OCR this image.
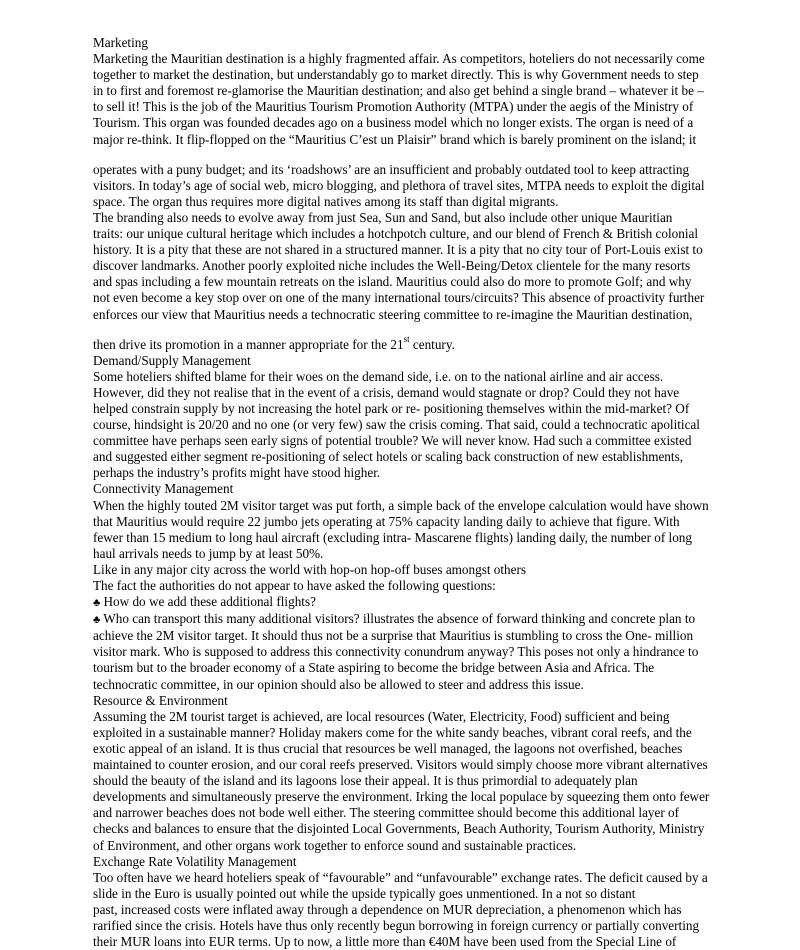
Marketing
Marketing the Mauritian destination is a highly fragmented affair. As competitors, hoteliers do not necessarily come
together to market the destination, but understandably go to market directly. This is why Government needs to step
in to first and foremost re-glamorise the Mauritian destination; and also get behind a single brand – whatever it be –
to sell it! This is the job of the Mauritius Tourism Promotion Authority (MTPA) under the aegis of the Ministry of
Tourism. This organ was founded decades ago on a business model which no longer exists. The organ is need of a
major re-think. It flip-flopped on the “Mauritius C’est un Plaisir” brand which is barely prominent on the island; it
operates with a puny budget; and its ‘roadshows’ are an insufficient and probably outdated tool to keep attracting
visitors. In today’s age of social web, micro blogging, and plethora of travel sites, MTPA needs to exploit the digital
space. The organ thus requires more digital natives among its staff than digital migrants.
The branding also needs to evolve away from just Sea, Sun and Sand, but also include other unique Mauritian
traits: our unique cultural heritage which includes a hotchpotch culture, and our blend of French & British colonial
history. It is a pity that these are not shared in a structured manner. It is a pity that no city tour of Port-Louis exist to
discover landmarks. Another poorly exploited niche includes the Well-Being/Detox clientele for the many resorts
and spas including a few mountain retreats on the island. Mauritius could also do more to promote Golf; and why
not even become a key stop over on one of the many international tours/circuits? This absence of proactivity further
enforces our view that Mauritius needs a technocratic steering committee to re-imagine the Mauritian destination,
then drive its promotion in a manner appropriate for the 21st century.
Demand/Supply Management
Some hoteliers shifted blame for their woes on the demand side, i.e. on to the national airline and air access.
However, did they not realise that in the event of a crisis, demand would stagnate or drop? Could they not have
helped constrain supply by not increasing the hotel park or re- positioning themselves within the mid-market? Of
course, hindsight is 20/20 and no one (or very few) saw the crisis coming. That said, could a technocratic apolitical
committee have perhaps seen early signs of potential trouble? We will never know. Had such a committee existed
and suggested either segment re-positioning of select hotels or scaling back construction of new establishments,
perhaps the industry’s profits might have stood higher.
Connectivity Management
When the highly touted 2M visitor target was put forth, a simple back of the envelope calculation would have shown
that Mauritius would require 22 jumbo jets operating at 75% capacity landing daily to achieve that figure. With
fewer than 15 medium to long haul aircraft (excluding intra- Mascarene flights) landing daily, the number of long
haul arrivals needs to jump by at least 50%.
Like in any major city across the world with hop-on hop-off buses amongst others
The fact the authorities do not appear to have asked the following questions:
♣ How do we add these additional flights?
♣ Who can transport this many additional visitors? illustrates the absence of forward thinking and concrete plan to
achieve the 2M visitor target. It should thus not be a surprise that Mauritius is stumbling to cross the One- million
visitor mark. Who is supposed to address this connectivity conundrum anyway? This poses not only a hindrance to
tourism but to the broader economy of a State aspiring to become the bridge between Asia and Africa. The
technocratic committee, in our opinion should also be allowed to steer and address this issue.
Resource & Environment
Assuming the 2M tourist target is achieved, are local resources (Water, Electricity, Food) sufficient and being
exploited in a sustainable manner? Holiday makers come for the white sandy beaches, vibrant coral reefs, and the
exotic appeal of an island. It is thus crucial that resources be well managed, the lagoons not overfished, beaches
maintained to counter erosion, and our coral reefs preserved. Visitors would simply choose more vibrant alternatives
should the beauty of the island and its lagoons lose their appeal. It is thus primordial to adequately plan
developments and simultaneously preserve the environment. Irking the local populace by squeezing them onto fewer
and narrower beaches does not bode well either. The steering committee should become this additional layer of
checks and balances to ensure that the disjointed Local Governments, Beach Authority, Tourism Authority, Ministry
of Environment, and other organs work together to enforce sound and sustainable practices.
Exchange Rate Volatility Management
Too often have we heard hoteliers speak of “favourable” and “unfavourable” exchange rates. The deficit caused by a
slide in the Euro is usually pointed out while the upside typically goes unmentioned. In a not so distant
past, increased costs were inflated away through a dependence on MUR depreciation, a phenomenon which has
rarified since the crisis. Hotels have thus only recently begun borrowing in foreign currency or partially converting
their MUR loans into EUR terms. Up to now, a little more than €40M have been used from the Special Line of
